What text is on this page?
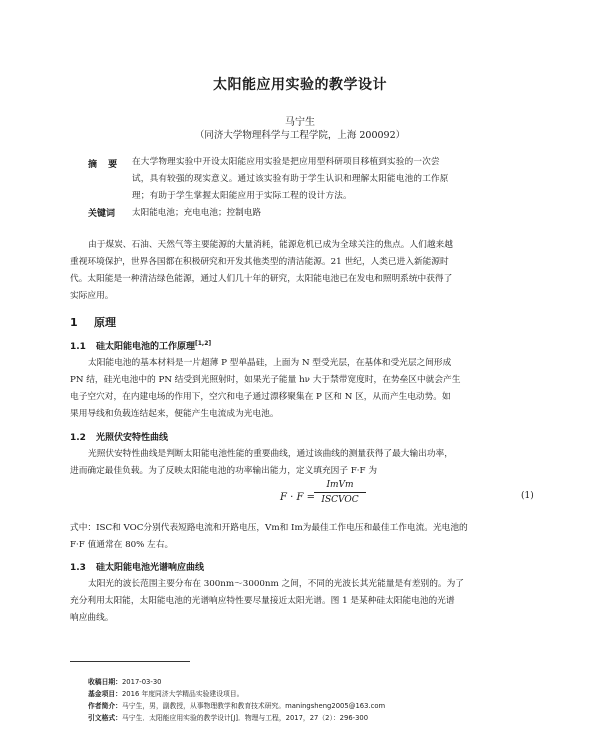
太阳能应用实验的教学设计
马宁生
（同济大学物理科学与工程学院，上海 200092）
摘 要 在大学物理实验中开设太阳能应用实验是把应用型科研项目移植到实验的一次尝
试，具有较强的现实意义。通过该实验有助于学生认识和理解太阳能电池的工作原
理；有助于学生掌握太阳能应用于实际工程的设计方法。
关键词 太阳能电池；充电电池；控制电路
由于煤炭、石油、天然气等主要能源的大量消耗，能源危机已成为全球关注的焦点。人们越来越
重视环境保护，世界各国都在积极研究和开发其他类型的清洁能源。21 世纪，人类已进入新能源时
代。太阳能是一种清洁绿色能源，通过人们几十年的研究，太阳能电池已在发电和照明系统中获得了
实际应用。
1 原理
1.1 硅太阳能电池的工作原理[1,2]
太阳能电池的基本材料是一片超薄 P 型单晶硅，上面为 N 型受光层，在基体和受光层之间形成
PN 结，硅光电池中的 PN 结受到光照射时，如果光子能量 hν 大于禁带宽度时，在势垒区中就会产生
电子空穴对，在内建电场的作用下，空穴和电子通过漂移聚集在 P 区和 N 区，从而产生电动势。如
果用导线和负载连结起来，便能产生电流成为光电池。
1.2 光照伏安特性曲线
光照伏安特性曲线是判断太阳能电池性能的重要曲线，通过该曲线的测量获得了最大输出功率，
进而确定最佳负载。为了反映太阳能电池的功率输出能力，定义填充因子 F·F 为
F · F =
ImVm
ISCVOC	(1)
式中：ISC和 VOC分别代表短路电流和开路电压，Vm和 Im为最佳工作电压和最佳工作电流。光电池的
F·F 值通常在 80% 左右。
1.3 硅太阳能电池光谱响应曲线
太阳光的波长范围主要分布在 300nm～3000nm 之间，不同的光波长其光能量是有差别的。为了
充分利用太阳能，太阳能电池的光谱响应特性要尽量接近太阳光谱。图 1 是某种硅太阳能电池的光谱
响应曲线。
收稿日期：2017-03-30
基金项目：2016 年度同济大学精品实验建设项目。
作者简介：马宁生，男，副教授，从事物理教学和教育技术研究。maningsheng2005@163.com
引文格式：马宁生．太阳能应用实验的教学设计[J]．物理与工程，2017，27（2）：296-300
